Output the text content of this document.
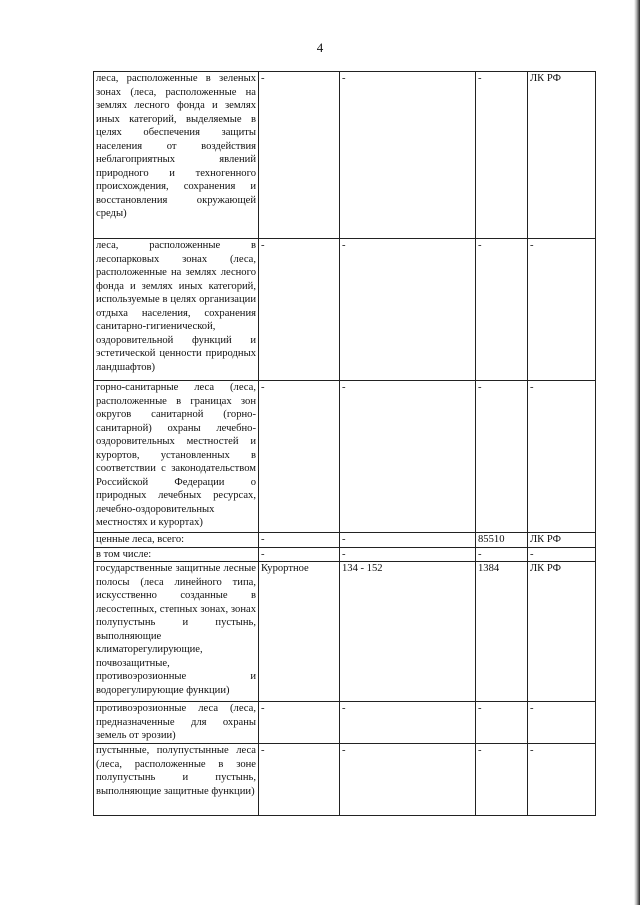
4
леса, расположенные в зеленых зонах (леса, расположенные на землях лесного фонда и землях иных категорий, выделяемые в целях обеспечения защиты населения от воздействия неблагоприятных явлений природного и техногенного происхождения, сохранения и восстановления окружающей среды)	-	-	-	ЛК РФ
леса, расположенные в лесопарковых зонах (леса, расположенные на землях лесного фонда и землях иных категорий, используемые в целях организации отдыха населения, сохранения санитарно-гигиенической, оздоровительной функций и эстетической ценности природных ландшафтов)	-	-	-	-
горно-санитарные леса (леса, расположенные в границах зон округов санитарной (горно-санитарной) охраны лечебно-оздоровительных местностей и курортов, установленных в соответствии с законодательством Российской Федерации о природных лечебных ресурсах, лечебно-оздоровительных местностях и курортах)	-	-	-	-
ценные леса, всего:	-	-	85510	ЛК РФ
в том числе:	-	-	-	-
государственные защитные лесные полосы (леса линейного типа, искусственно созданные в лесостепных, степных зонах, зонах полупустынь и пустынь, выполняющие климаторегулирующие, почвозащитные, противоэрозионные и водорегулирующие функции)	Курортное	134 - 152	1384	ЛК РФ
противоэрозионные леса (леса, предназначенные для охраны земель от эрозии)	-	-	-	-
пустынные, полупустынные леса (леса, расположенные в зоне полупустынь и пустынь, выполняющие защитные функции)	-	-	-	-
